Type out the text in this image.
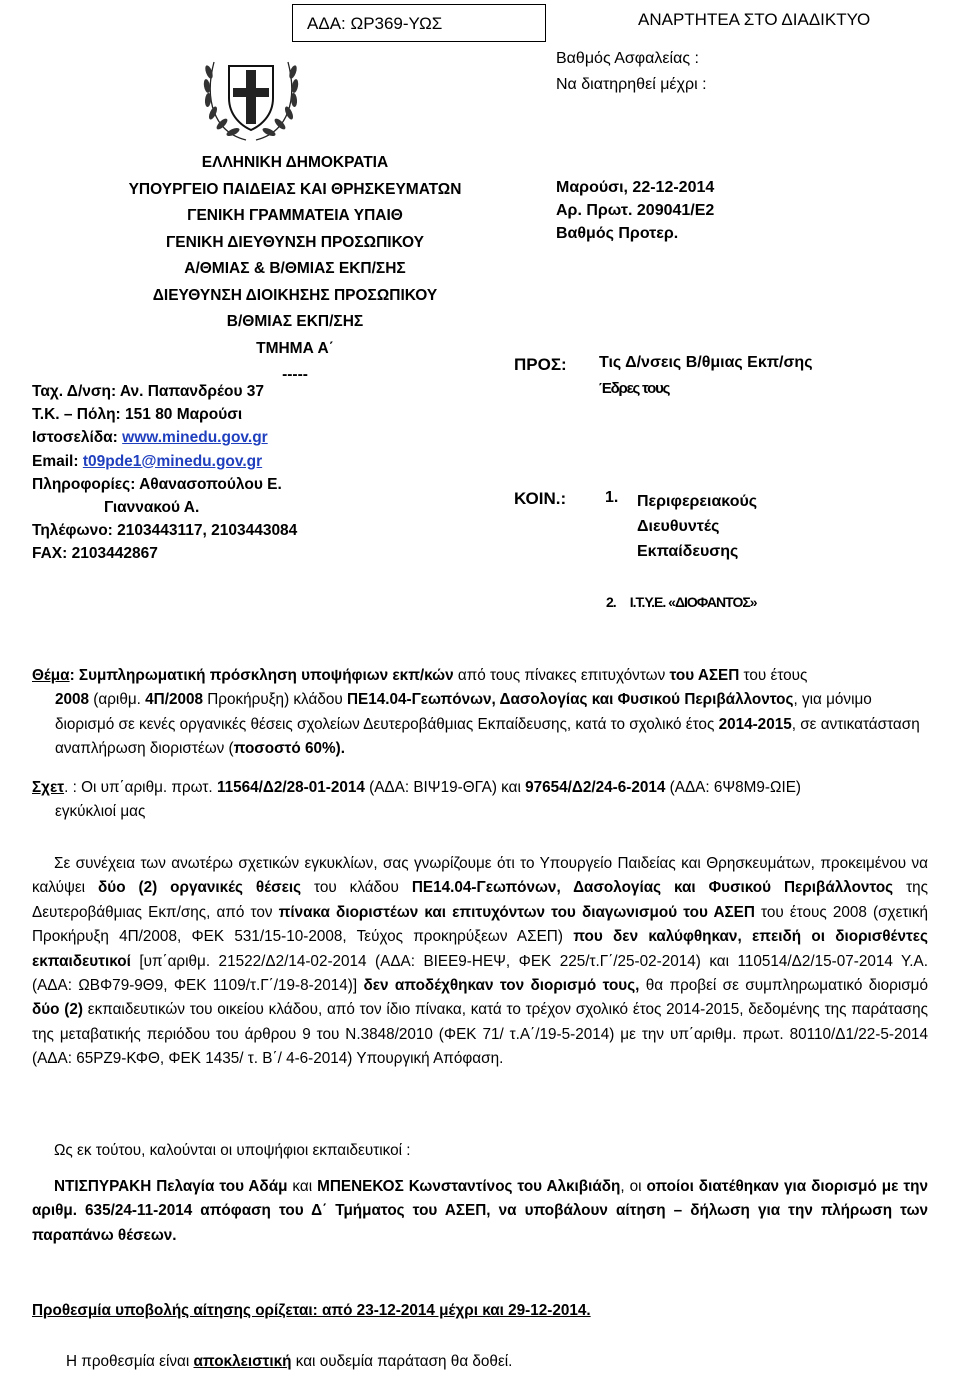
ΑΔΑ: ΩΡ369-ΥΩΣ	ΑΝΑΡΤΗΤΕΑ ΣΤΟ ΔΙΑΔΙΚΤΥΟ
Βαθμός Ασφαλείας :
Να διατηρηθεί μέχρι :
ΕΛΛΗΝΙΚΗ ΔΗΜΟΚΡΑΤΙΑ
ΥΠΟΥΡΓΕΙΟ ΠΑΙΔΕΙΑΣ ΚΑΙ ΘΡΗΣΚΕΥΜΑΤΩΝ
ΓΕΝΙΚΗ ΓΡΑΜΜΑΤΕΙΑ ΥΠΑΙΘ
ΓΕΝΙΚΗ ΔΙΕΥΘΥΝΣΗ ΠΡΟΣΩΠΙΚΟΥ
Α/ΘΜΙΑΣ & Β/ΘΜΙΑΣ ΕΚΠ/ΣΗΣ
ΔΙΕΥΘΥΝΣΗ ΔΙΟΙΚΗΣΗΣ ΠΡΟΣΩΠΙΚΟΥ
Β/ΘΜΙΑΣ ΕΚΠ/ΣΗΣ
ΤΜΗΜΑ Α΄
-----
Ταχ. Δ/νση: Αν. Παπανδρέου 37
Τ.Κ. – Πόλη: 151 80 Μαρούσι
Ιστοσελίδα: www.minedu.gov.gr
Email: t09pde1@minedu.gov.gr
Πληροφορίες: Αθανασοπούλου Ε.
Γιαννακού Α.
Τηλέφωνο: 2103443117, 2103443084
FAX: 2103442867
Μαρούσι, 22-12-2014
Αρ. Πρωτ. 209041/Ε2
Βαθμός Προτερ.
ΠΡΟΣ: Τις Δ/νσεις Β/θμιας Εκπ/σης
Έδρες τους
ΚΟΙΝ.: 1. Περιφερειακούς
Διευθυντές
Εκπαίδευσης
2. Ι.Τ.Υ.Ε. «ΔΙΟΦΑΝΤΟΣ»
Θέμα: Συμπληρωματική πρόσκληση υποψήφιων εκπ/κών από τους πίνακες επιτυχόντων του ΑΣΕΠ του έτους
2008 (αριθμ. 4Π/2008 Προκήρυξη) κλάδου ΠΕ14.04-Γεωπόνων, Δασολογίας και Φυσικού Περιβάλλοντος, για μόνιμο διορισμό σε κενές οργανικές θέσεις σχολείων Δευτεροβάθμιας Εκπαίδευσης, κατά το σχολικό έτος 2014-2015, σε αντικατάσταση αναπλήρωση διοριστέων (ποσοστό 60%).
Σχετ. : Οι υπ΄αριθμ. πρωτ. 11564/Δ2/28-01-2014 (ΑΔΑ: ΒΙΨ19-ΘΓΑ) και 97654/Δ2/24-6-2014 (ΑΔΑ: 6Ψ8Μ9-ΩΙΕ)
εγκύκλιοί μας
Σε συνέχεια των ανωτέρω σχετικών εγκυκλίων, σας γνωρίζουμε ότι το Υπουργείο Παιδείας και Θρησκευμάτων, προκειμένου να καλύψει δύο (2) οργανικές θέσεις του κλάδου ΠΕ14.04-Γεωπόνων, Δασολογίας και Φυσικού Περιβάλλοντος της Δευτεροβάθμιας Εκπ/σης, από τον πίνακα διοριστέων και επιτυχόντων του διαγωνισμού του ΑΣΕΠ του έτους 2008 (σχετική Προκήρυξη 4Π/2008, ΦΕΚ 531/15-10-2008, Τεύχος προκηρύξεων ΑΣΕΠ) που δεν καλύφθηκαν, επειδή οι διορισθέντες εκπαιδευτικοί [υπ΄αριθμ. 21522/Δ2/14-02-2014 (ΑΔΑ: ΒΙΕΕ9-ΗΕΨ, ΦΕΚ 225/τ.Γ΄/25-02-2014) και 110514/Δ2/15-07-2014 Υ.Α. (ΑΔΑ: ΩΒΦ79-9Θ9, ΦΕΚ 1109/τ.Γ΄/19-8-2014)] δεν αποδέχθηκαν τον διορισμό τους, θα προβεί σε συμπληρωματικό διορισμό δύο (2) εκπαιδευτικών του οικείου κλάδου, από τον ίδιο πίνακα, κατά το τρέχον σχολικό έτος 2014-2015, δεδομένης της παράτασης της μεταβατικής περιόδου του άρθρου 9 του Ν.3848/2010 (ΦΕΚ 71/ τ.Α΄/19-5-2014) με την υπ΄αριθμ. πρωτ. 80110/Δ1/22-5-2014 (ΑΔΑ: 65ΡΖ9-ΚΦΘ, ΦΕΚ 1435/ τ. Β΄/ 4-6-2014) Υπουργική Απόφαση.
Ως εκ τούτου, καλούνται οι υποψήφιοι εκπαιδευτικοί :
ΝΤΙΣΠΥΡΑΚΗ Πελαγία του Αδάμ και ΜΠΕΝΕΚΟΣ Κωνσταντίνος του Αλκιβιάδη, οι οποίοι διατέθηκαν για διορισμό με την αριθμ. 635/24-11-2014 απόφαση του Δ΄ Τμήματος του ΑΣΕΠ, να υποβάλουν αίτηση – δήλωση για την πλήρωση των παραπάνω θέσεων.
Προθεσμία υποβολής αίτησης ορίζεται: από 23-12-2014 μέχρι και 29-12-2014.
Η προθεσμία είναι αποκλειστική και ουδεμία παράταση θα δοθεί.
